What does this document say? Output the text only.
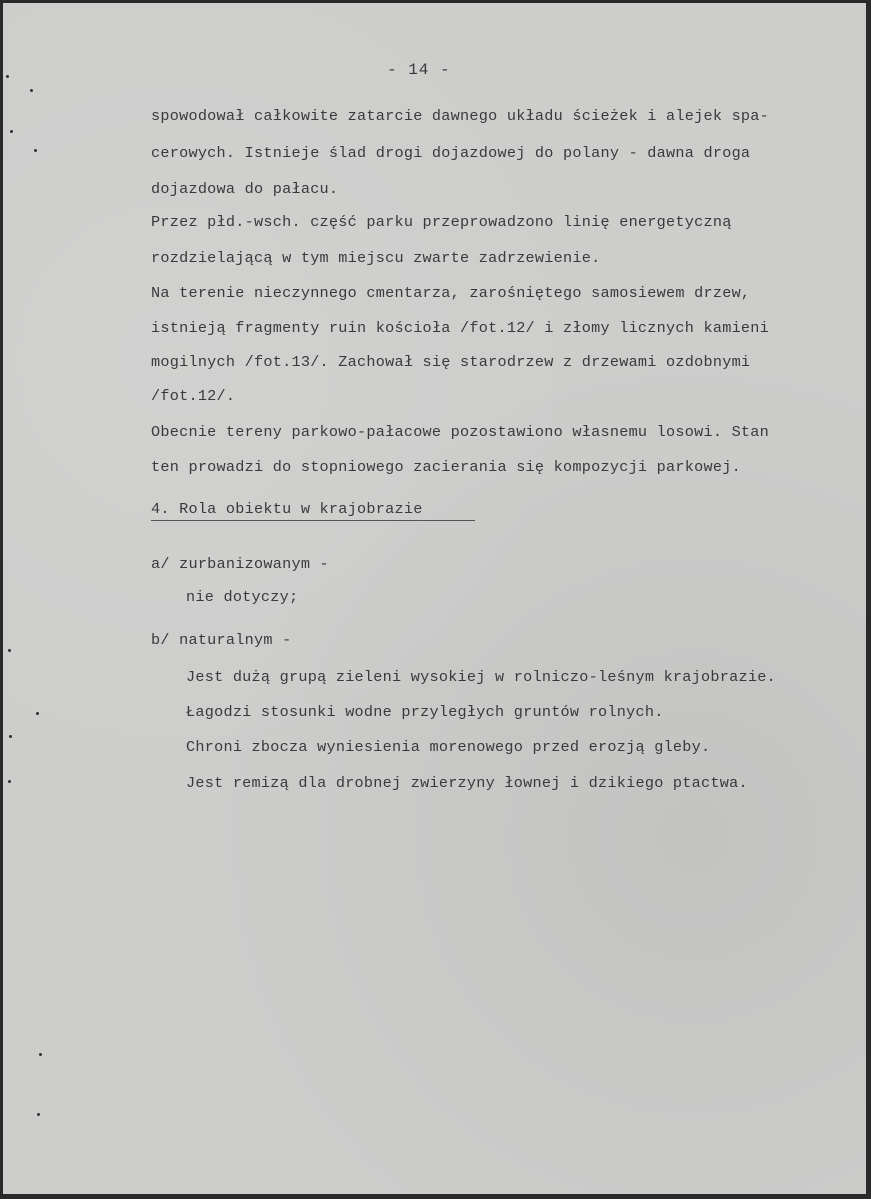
- 14 -
spowodował całkowite zatarcie dawnego układu ścieżek i alejek spa-
cerowych. Istnieje ślad drogi dojazdowej do polany - dawna droga
dojazdowa do pałacu.
Przez płd.-wsch. część parku przeprowadzono linię energetyczną
rozdzielającą w tym miejscu zwarte zadrzewienie.
Na terenie nieczynnego cmentarza, zarośniętego samosiewem drzew,
istnieją fragmenty ruin kościoła /fot.12/ i złomy licznych kamieni
mogilnych /fot.13/. Zachował się starodrzew z drzewami ozdobnymi
/fot.12/.
Obecnie tereny parkowo-pałacowe pozostawiono własnemu losowi. Stan
ten prowadzi do stopniowego zacierania się kompozycji parkowej.
4. Rola obiektu w krajobrazie
a/ zurbanizowanym -
nie dotyczy;
b/ naturalnym -
Jest dużą grupą zieleni wysokiej w rolniczo-leśnym krajobrazie.
Łagodzi stosunki wodne przyległych gruntów rolnych.
Chroni zbocza wyniesienia morenowego przed erozją gleby.
Jest remizą dla drobnej zwierzyny łownej i dzikiego ptactwa.
